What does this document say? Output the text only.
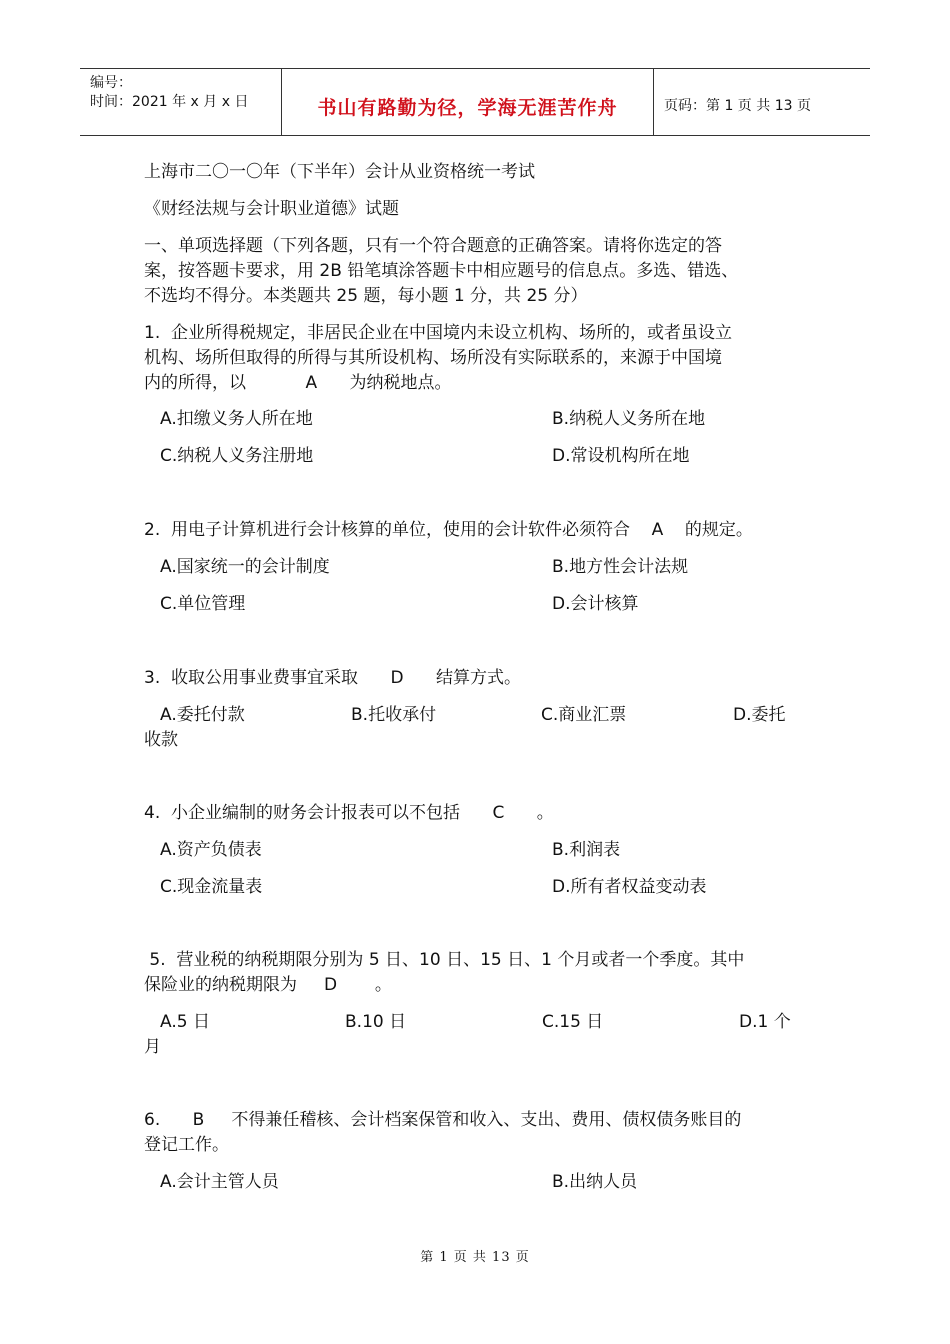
编号：
时间：2021 年 x 月 x 日	书山有路勤为径，学海无涯苦作舟	页码：第 1 页 共 13 页
上海市二〇一〇年（下半年）会计从业资格统一考试
《财经法规与会计职业道德》试题
一、单项选择题（下列各题，只有一个符合题意的正确答案。请将你选定的答
案，按答题卡要求，用 2B 铅笔填涂答题卡中相应题号的信息点。多选、错选、
不选均不得分。本类题共 25 题，每小题 1 分，共 25 分）
1.  企业所得税规定，非居民企业在中国境内未设立机构、场所的，或者虽设立
机构、场所但取得的所得与其所设机构、场所没有实际联系的，来源于中国境
内的所得，以           A      为纳税地点。
A.扣缴义务人所在地	B.纳税人义务所在地
C.纳税人义务注册地	D.常设机构所在地
2.  用电子计算机进行会计核算的单位，使用的会计软件必须符合    A    的规定。
A.国家统一的会计制度	B.地方性会计法规
C.单位管理	D.会计核算
3.  收取公用事业费事宜采取      D      结算方式。
A.委托付款	B.托收承付	C.商业汇票	D.委托
收款
4.  小企业编制的财务会计报表可以不包括      C      。
A.资产负债表	B.利润表
C.现金流量表	D.所有者权益变动表
5.  营业税的纳税期限分别为 5 日、10 日、15 日、1 个月或者一个季度。其中
保险业的纳税期限为     D       。
A.5 日	B.10 日	C.15 日	D.1 个
月
6.      B     不得兼任稽核、会计档案保管和收入、支出、费用、债权债务账目的
登记工作。
A.会计主管人员	B.出纳人员
第 1 页 共 13 页
